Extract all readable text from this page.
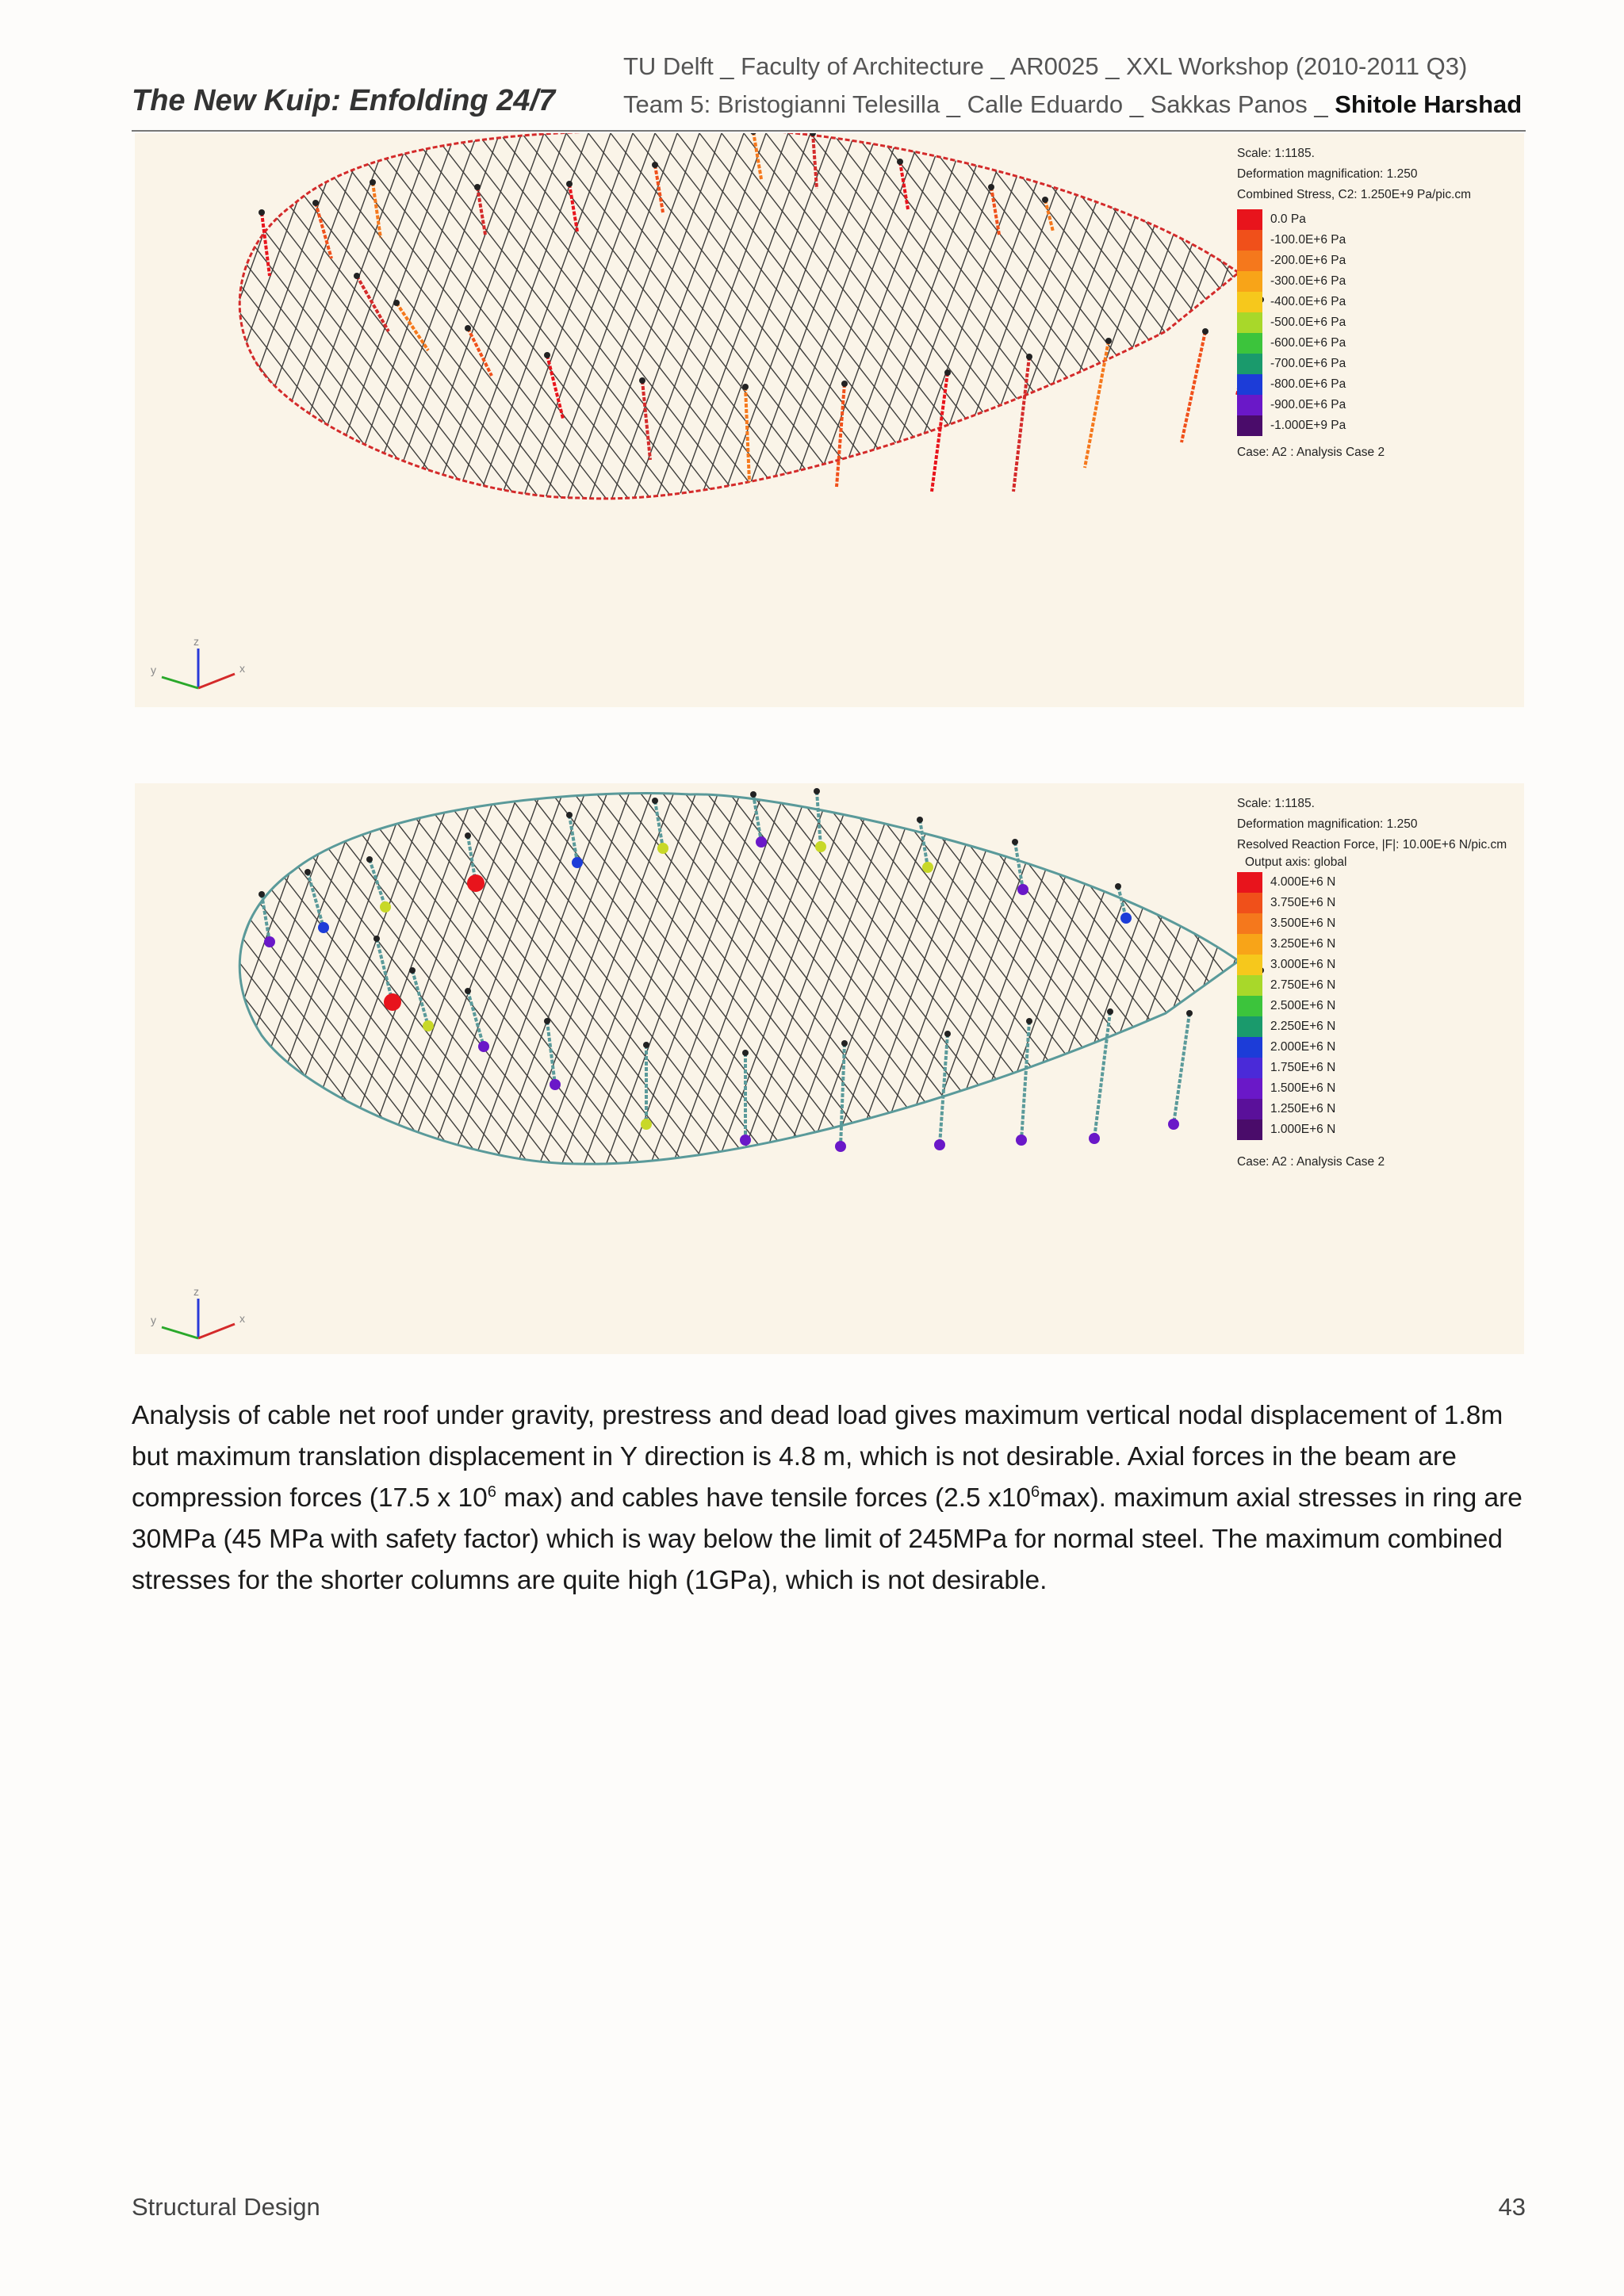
The New Kuip: Enfolding 24/7
TU Delft _ Faculty of Architecture _ AR0025 _ XXL Workshop (2010-2011 Q3)
Team 5: Bristogianni Telesilla _ Calle Eduardo _ Sakkas Panos _ Shitole Harshad
z
x
y
Scale: 1:1185.
Deformation magnification: 1.250
Combined Stress, C2: 1.250E+9 Pa/pic.cm
0.0 Pa
-100.0E+6 Pa
-200.0E+6 Pa
-300.0E+6 Pa
-400.0E+6 Pa
-500.0E+6 Pa
-600.0E+6 Pa
-700.0E+6 Pa
-800.0E+6 Pa
-900.0E+6 Pa
-1.000E+9 Pa
Case: A2 : Analysis Case 2
z
x
y
Scale: 1:1185.
Deformation magnification: 1.250
Resolved Reaction Force, |F|: 10.00E+6 N/pic.cm
Output axis: global
4.000E+6 N
3.750E+6 N
3.500E+6 N
3.250E+6 N
3.000E+6 N
2.750E+6 N
2.500E+6 N
2.250E+6 N
2.000E+6 N
1.750E+6 N
1.500E+6 N
1.250E+6 N
1.000E+6 N
Case: A2 : Analysis Case 2

Analysis of cable net roof under gravity, prestress and dead load gives maximum vertical nodal displacement of 1.8m but maximum translation displacement in Y direction is 4.8 m, which is not desirable. Axial forces in the beam are compression forces (17.5 x $10^6$ max) and cables have tensile forces (2.5 $x10^6\max$). maximum axial stresses in ring are 30MPa (45 MPa with safety factor) which is way below the limit of 245MPa for normal steel. The maximum combined stresses for the shorter columns are quite high (1GPa), which is not desirable.

Structural Design	43
